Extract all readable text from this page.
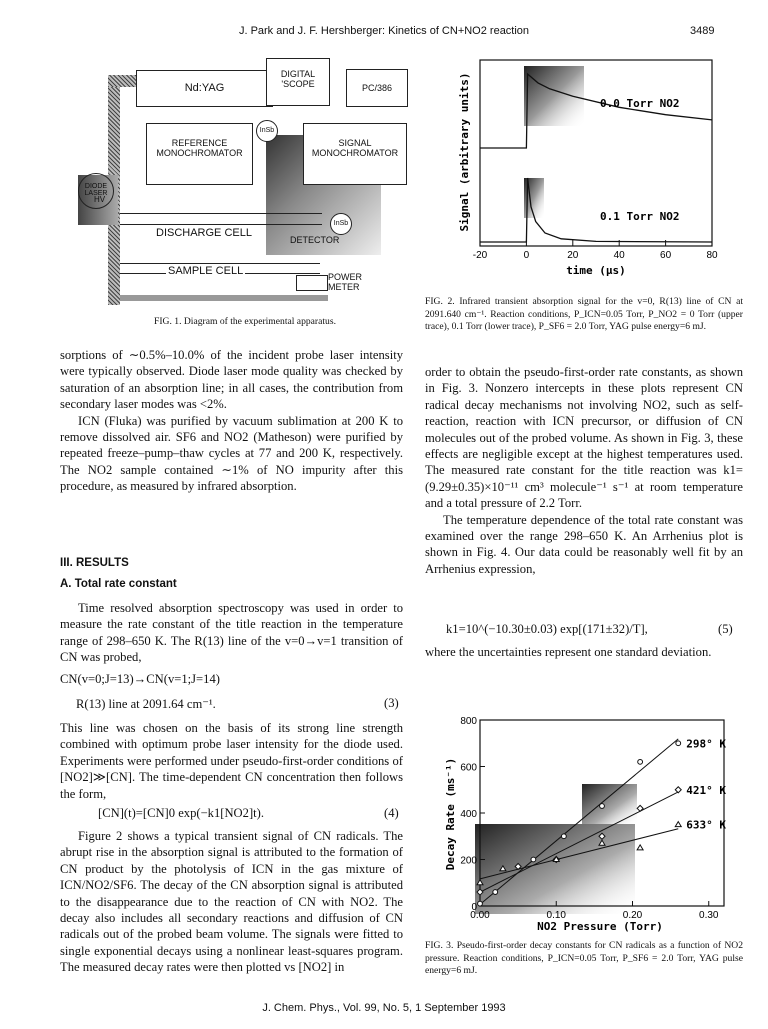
J. Park and J. F. Hershberger: Kinetics of CN+NO2 reaction	3489
Nd:YAG
DIGITAL
'SCOPE	PC/386
REFERENCE
MONOCHROMATOR
SIGNAL
MONOCHROMATOR
InSb
InSb
DIODE
LASER
HV
DISCHARGE CELL
DETECTOR
SAMPLE CELL	POWER
METER
FIG. 1. Diagram of the experimental apparatus.
-20	0	20	40	60	80
0.0 Torr NO2
0.1 Torr NO2
Signal (arbitrary units)
time (μs)
FIG. 2. Infrared transient absorption signal for the v=0, R(13) line of CN at 2091.640 cm⁻¹. Reaction conditions, P_ICN=0.05 Torr, P_NO2 = 0 Torr (upper trace), 0.1 Torr (lower trace), P_SF6 = 2.0 Torr, YAG pulse energy=6 mJ.

sorptions of ∼0.5%–10.0% of the incident probe laser intensity were typically observed. Diode laser mode quality was checked by saturation of an absorption line; in all cases, the contribution from secondary laser modes was <2%.

ICN (Fluka) was purified by vacuum sublimation at 200 K to remove dissolved air. SF6 and NO2 (Matheson) were purified by repeated freeze–pump–thaw cycles at 77 and 200 K, respectively. The NO2 sample contained ∼1% of NO impurity after this procedure, as measured by infrared absorption.

III. RESULTS
A. Total rate constant

Time resolved absorption spectroscopy was used in order to measure the rate constant of the title reaction in the temperature range of 298–650 K. The R(13) line of the v=0→v=1 transition of CN was probed,

CN(v=0;J=13)→CN(v=1;J=14)
R(13) line at 2091.64 cm⁻¹.	(3)

This line was chosen on the basis of its strong line strength combined with optimum probe laser intensity for the diode used. Experiments were performed under pseudo-first-order conditions of [NO2]≫[CN]. The time-dependent CN concentration then follows the form,

[CN](t)=[CN]0 exp(−k1[NO2]t).	(4)

Figure 2 shows a typical transient signal of CN radicals. The abrupt rise in the absorption signal is attributed to the formation of CN product by the photolysis of ICN in the gas mixture of ICN/NO2/SF6. The decay of the CN absorption signal is attributed to the disappearance due to the reaction of CN with NO2. The decay also includes all secondary reactions and diffusion of CN radicals out of the probed beam volume. The signals were fitted to single exponential decays using a nonlinear least-squares program. The measured decay rates were then plotted vs [NO2] in

order to obtain the pseudo-first-order rate constants, as shown in Fig. 3. Nonzero intercepts in these plots represent CN radical decay mechanisms not involving NO2, such as self-reaction, reaction with ICN precursor, or diffusion of CN molecules out of the probed volume. As shown in Fig. 3, these effects are negligible except at the highest temperatures used. The measured rate constant for the title reaction was k1=(9.29±0.35)×10⁻¹¹ cm³ molecule⁻¹ s⁻¹ at room temperature and a total pressure of 2.2 Torr.

The temperature dependence of the total rate constant was examined over the range 298–650 K. An Arrhenius plot is shown in Fig. 4. Our data could be reasonably well fit by an Arrhenius expression,

k1=10^(−10.30±0.03) exp[(171±32)/T],	(5)

where the uncertainties represent one standard deviation.

0.00	0.10	0.20	0.30
0
200
400
600
800
298° K
421° K
633° K
Decay Rate (ms⁻¹)
NO2 Pressure (Torr)
FIG. 3. Pseudo-first-order decay constants for CN radicals as a function of NO2 pressure. Reaction conditions, P_ICN=0.05 Torr, P_SF6 = 2.0 Torr, YAG pulse energy=6 mJ.
J. Chem. Phys., Vol. 99, No. 5, 1 September 1993
